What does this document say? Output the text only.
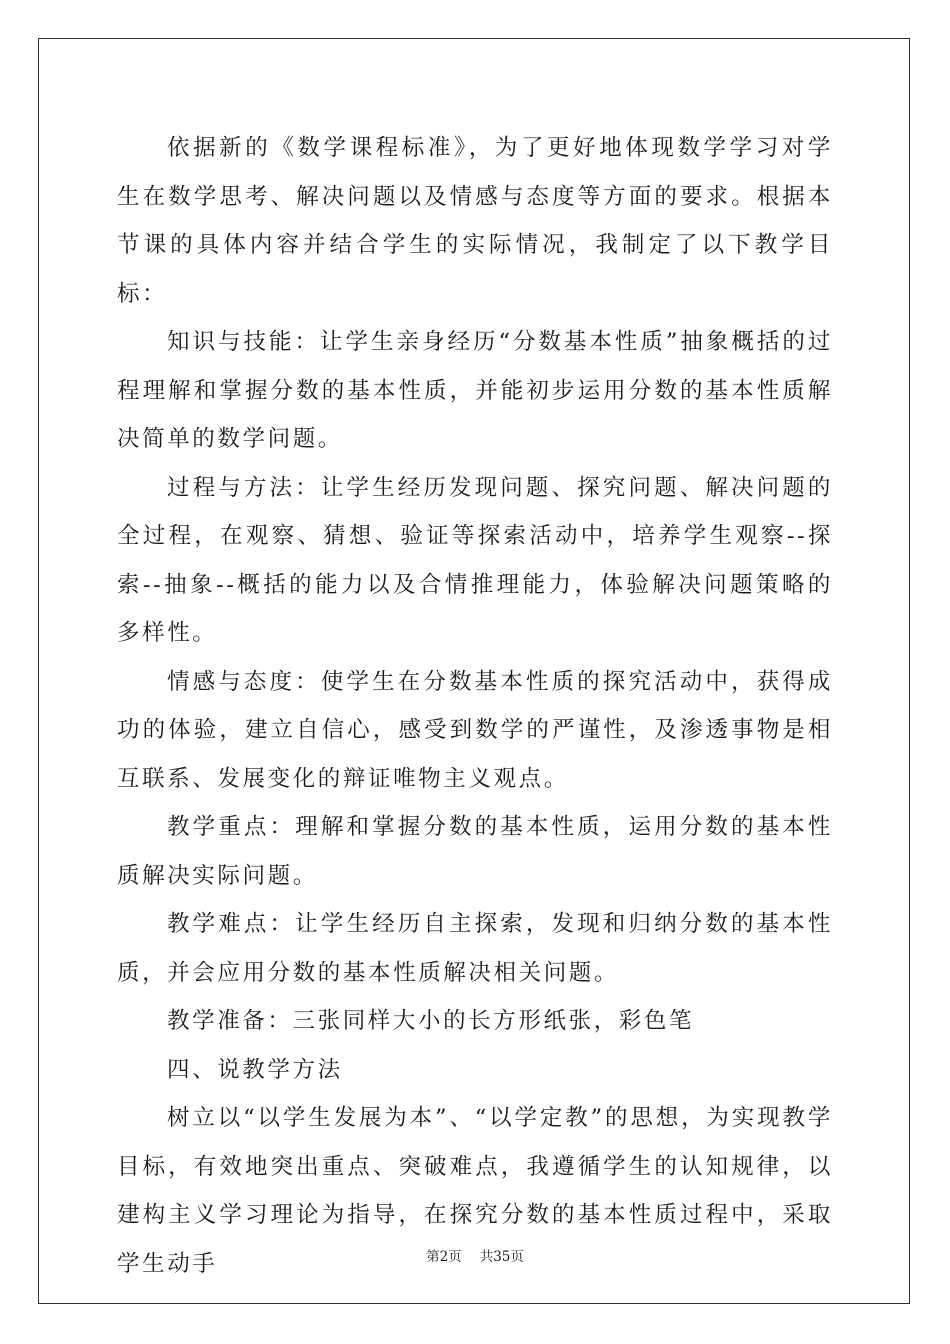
依据新的《数学课程标准》，为了更好地体现数学学习对学生在数学思考、解决问题以及情感与态度等方面的要求。根据本节课的具体内容并结合学生的实际情况，我制定了以下教学目标：

知识与技能：让学生亲身经历“分数基本性质”抽象概括的过程理解和掌握分数的基本性质，并能初步运用分数的基本性质解决简单的数学问题。

过程与方法：让学生经历发现问题、探究问题、解决问题的全过程，在观察、猜想、验证等探索活动中，培养学生观察--探索--抽象--概括的能力以及合情推理能力，体验解决问题策略的多样性。

情感与态度：使学生在分数基本性质的探究活动中，获得成功的体验，建立自信心，感受到数学的严谨性，及渗透事物是相互联系、发展变化的辩证唯物主义观点。

教学重点：理解和掌握分数的基本性质，运用分数的基本性质解决实际问题。

教学难点：让学生经历自主探索，发现和归纳分数的基本性质，并会应用分数的基本性质解决相关问题。

教学准备：三张同样大小的长方形纸张，彩色笔

四、说教学方法

树立以“以学生发展为本”、“以学定教”的思想，为实现教学目标，有效地突出重点、突破难点，我遵循学生的认知规律，以建构主义学习理论为指导，在探究分数的基本性质过程中，采取学生动手	第2页 共35页
